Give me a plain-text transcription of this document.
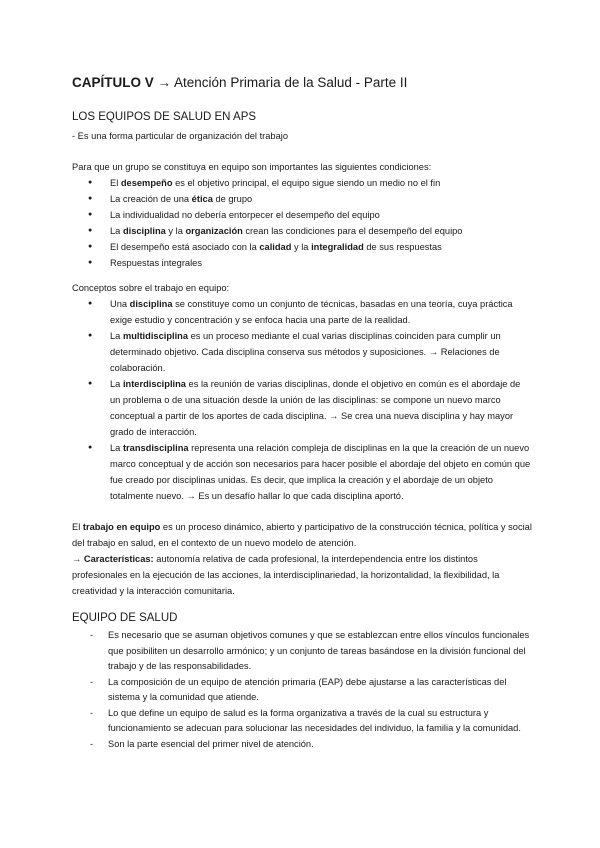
CAPÍTULO V → Atención Primaria de la Salud - Parte II
LOS EQUIPOS DE SALUD EN APS
- Es una forma particular de organización del trabajo
Para que un grupo se constituya en equipo son importantes las siguientes condiciones:
● El desempeño es el objetivo principal, el equipo sigue siendo un medio no el fin
● La creación de una ética de grupo
● La individualidad no debería entorpecer el desempeño del equipo
● La disciplina y la organización crean las condiciones para el desempeño del equipo
● El desempeño está asociado con la calidad y la integralidad de sus respuestas
● Respuestas integrales
Conceptos sobre el trabajo en equipo:
● Una disciplina se constituye como un conjunto de técnicas, basadas en una teoría, cuya práctica exige estudio y concentración y se enfoca hacia una parte de la realidad.
● La multidisciplina es un proceso mediante el cual varias disciplinas coinciden para cumplir un determinado objetivo. Cada disciplina conserva sus métodos y suposiciones. → Relaciones de colaboración.
● La interdisciplina es la reunión de varias disciplinas, donde el objetivo en común es el abordaje de un problema o de una situación desde la unión de las disciplinas: se compone un nuevo marco conceptual a partir de los aportes de cada disciplina. → Se crea una nueva disciplina y hay mayor grado de interacción.
● La transdisciplina representa una relación compleja de disciplinas en la que la creación de un nuevo marco conceptual y de acción son necesarios para hacer posible el abordaje del objeto en común que fue creado por disciplinas unidas. Es decir, que implica la creación y el abordaje de un objeto totalmente nuevo. → Es un desafío hallar lo que cada disciplina aportó.
El trabajo en equipo es un proceso dinámico, abierto y participativo de la construcción técnica, política y social del trabajo en salud, en el contexto de un nuevo modelo de atención.
→ Características: autonomía relativa de cada profesional, la interdependencia entre los distintos profesionales en la ejecución de las acciones, la interdisciplinariedad, la horizontalidad, la flexibilidad, la creatividad y la interacción comunitaria.
EQUIPO DE SALUD
- Es necesario que se asuman objetivos comunes y que se establezcan entre ellos vínculos funcionales que posibiliten un desarrollo armónico; y un conjunto de tareas basándose en la división funcional del trabajo y de las responsabilidades.
- La composición de un equipo de atención primaria (EAP) debe ajustarse a las características del sistema y la comunidad que atiende.
- Lo que define un equipo de salud es la forma organizativa a través de la cual su estructura y funcionamiento se adecuan para solucionar las necesidades del individuo, la familia y la comunidad.
- Son la parte esencial del primer nivel de atención.
